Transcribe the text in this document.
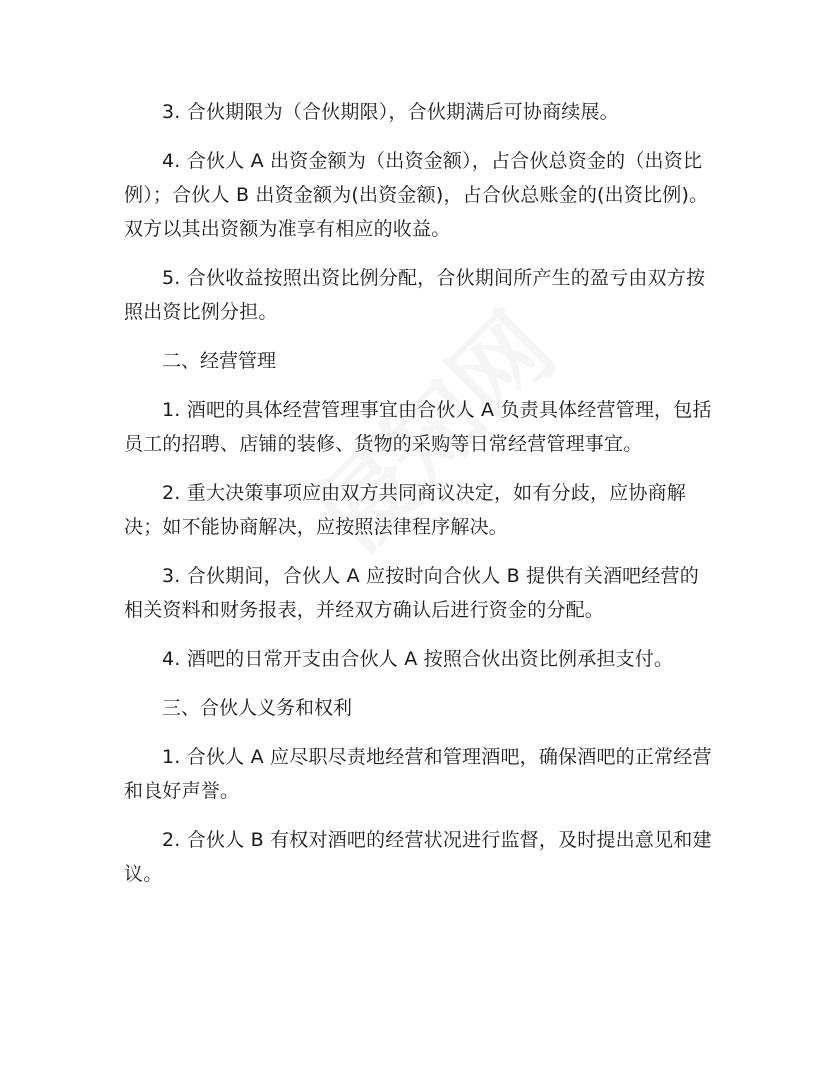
3. 合伙期限为（合伙期限），合伙期满后可协商续展。

4. 合伙人 A 出资金额为（出资金额），占合伙总资金的（出资比例）；合伙人 B 出资金额为(出资金额)，占合伙总账金的(出资比例)。双方以其出资额为准享有相应的收益。

5. 合伙收益按照出资比例分配，合伙期间所产生的盈亏由双方按照出资比例分担。

二、经营管理

1. 酒吧的具体经营管理事宜由合伙人 A 负责具体经营管理，包括员工的招聘、店铺的装修、货物的采购等日常经营管理事宜。

2. 重大决策事项应由双方共同商议决定，如有分歧，应协商解决；如不能协商解决，应按照法律程序解决。

3. 合伙期间，合伙人 A 应按时向合伙人 B 提供有关酒吧经营的相关资料和财务报表，并经双方确认后进行资金的分配。

4. 酒吧的日常开支由合伙人 A 按照合伙出资比例承担支付。

三、合伙人义务和权利

1. 合伙人 A 应尽职尽责地经营和管理酒吧，确保酒吧的正常经营和良好声誉。

2. 合伙人 B 有权对酒吧的经营状况进行监督，及时提出意见和建议。
